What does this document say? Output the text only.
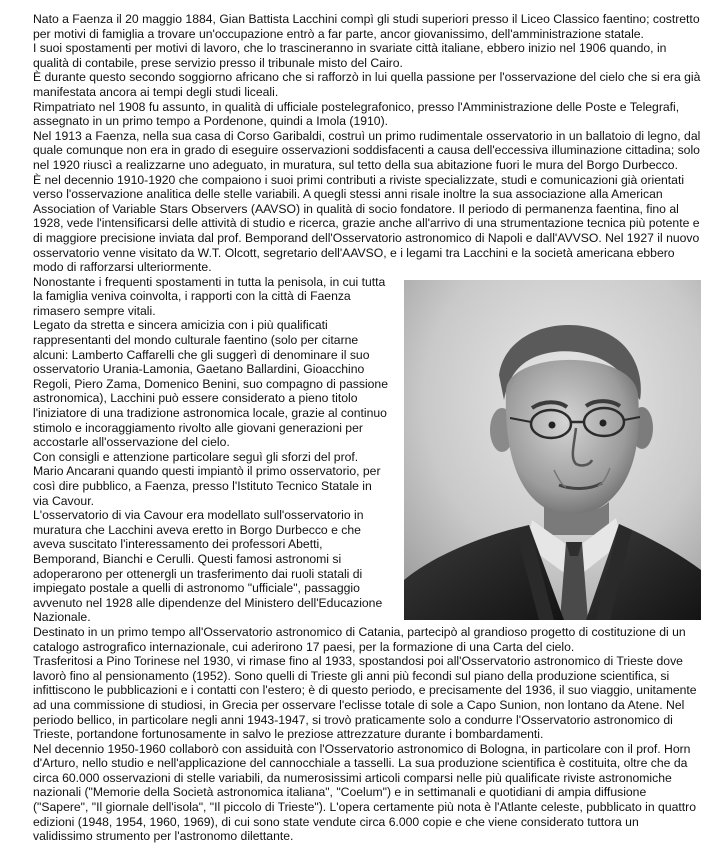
Nato a Faenza il 20 maggio 1884, Gian Battista Lacchini compì gli studi superiori presso il Liceo Classico faentino; costretto per motivi di famiglia a trovare un'occupazione entrò a far parte, ancor giovanissimo, dell'amministrazione statale.

I suoi spostamenti per motivi di lavoro, che lo trascineranno in svariate città italiane, ebbero inizio nel 1906 quando, in qualità di contabile, prese servizio presso il tribunale misto del Cairo.

È durante questo secondo soggiorno africano che si rafforzò in lui quella passione per l'osservazione del cielo che si era già manifestata ancora ai tempi degli studi liceali.

Rimpatriato nel 1908 fu assunto, in qualità di ufficiale postelegrafonico, presso l'Amministrazione delle Poste e Telegrafi, assegnato in un primo tempo a Pordenone, quindi a Imola (1910).

Nel 1913 a Faenza, nella sua casa di Corso Garibaldi, costruì un primo rudimentale osservatorio in un ballatoio di legno, dal quale comunque non era in grado di eseguire osservazioni soddisfacenti a causa dell'eccessiva illuminazione cittadina; solo nel 1920 riuscì a realizzarne uno adeguato, in muratura, sul tetto della sua abitazione fuori le mura del Borgo Durbecco.

È nel decennio 1910-1920 che compaiono i suoi primi contributi a riviste specializzate, studi e comunicazioni già orientati verso l'osservazione analitica delle stelle variabili. A quegli stessi anni risale inoltre la sua associazione alla American Association of Variable Stars Observers (AAVSO) in qualità di socio fondatore. Il periodo di permanenza faentina, fino al 1928, vede l'intensificarsi delle attività di studio e ricerca, grazie anche all'arrivo di una strumentazione tecnica più potente e di maggiore precisione inviata dal prof. Bemporand dell'Osservatorio astronomico di Napoli e dall'AVVSO. Nel 1927 il nuovo osservatorio venne visitato da W.T. Olcott, segretario dell'AAVSO, e i legami tra Lacchini e la società americana ebbero modo di rafforzarsi ulteriormente.

Nonostante i frequenti spostamenti in tutta la penisola, in cui tutta la famiglia veniva coinvolta, i rapporti con la città di Faenza rimasero sempre vitali.

Legato da stretta e sincera amicizia con i più qualificati rappresentanti del mondo culturale faentino (solo per citarne alcuni: Lamberto Caffarelli che gli suggerì di denominare il suo osservatorio Urania-Lamonia, Gaetano Ballardini, Gioacchino Regoli, Piero Zama, Domenico Benini, suo compagno di passione astronomica), Lacchini può essere considerato a pieno titolo l'iniziatore di una tradizione astronomica locale, grazie al continuo stimolo e incoraggiamento rivolto alle giovani generazioni per accostarle all'osservazione del cielo.

Con consigli e attenzione particolare seguì gli sforzi del prof. Mario Ancarani quando questi impiantò il primo osservatorio, per così dire pubblico, a Faenza, presso l'Istituto Tecnico Statale in via Cavour.

L'osservatorio di via Cavour era modellato sull'osservatorio in muratura che Lacchini aveva eretto in Borgo Durbecco e che aveva suscitato l'interessamento dei professori Abetti, Bemporand, Bianchi e Cerulli. Questi famosi astronomi si adoperarono per ottenergli un trasferimento dai ruoli statali di impiegato postale a quelli di astronomo "ufficiale", passaggio avvenuto nel 1928 alle dipendenze del Ministero dell'Educazione Nazionale.

Destinato in un primo tempo all'Osservatorio astronomico di Catania, partecipò al grandioso progetto di costituzione di un catalogo astrografico internazionale, cui aderirono 17 paesi, per la formazione di una Carta del cielo.

Trasferitosi a Pino Torinese nel 1930, vi rimase fino al 1933, spostandosi poi all'Osservatorio astronomico di Trieste dove lavorò fino al pensionamento (1952). Sono quelli di Trieste gli anni più fecondi sul piano della produzione scientifica, si infittiscono le pubblicazioni e i contatti con l'estero; è di questo periodo, e precisamente del 1936, il suo viaggio, unitamente ad una commissione di studiosi, in Grecia per osservare l'eclisse totale di sole a Capo Sunion, non lontano da Atene. Nel periodo bellico, in particolare negli anni 1943-1947, si trovò praticamente solo a condurre l'Osservatorio astronomico di Trieste, portandone fortunosamente in salvo le preziose attrezzature durante i bombardamenti.

Nel decennio 1950-1960 collaborò con assiduità con l'Osservatorio astronomico di Bologna, in particolare con il prof. Horn d'Arturo, nello studio e nell'applicazione del cannocchiale a tasselli. La sua produzione scientifica è costituita, oltre che da circa 60.000 osservazioni di stelle variabili, da numerosissimi articoli comparsi nelle più qualificate riviste astronomiche nazionali ("Memorie della Società astronomica italiana", "Coelum") e in settimanali e quotidiani di ampia diffusione ("Sapere", "Il giornale dell'isola", "Il piccolo di Trieste"). L'opera certamente più nota è l'Atlante celeste, pubblicato in quattro edizioni (1948, 1954, 1960, 1969), di cui sono state vendute circa 6.000 copie e che viene considerato tuttora un validissimo strumento per l'astronomo dilettante.
